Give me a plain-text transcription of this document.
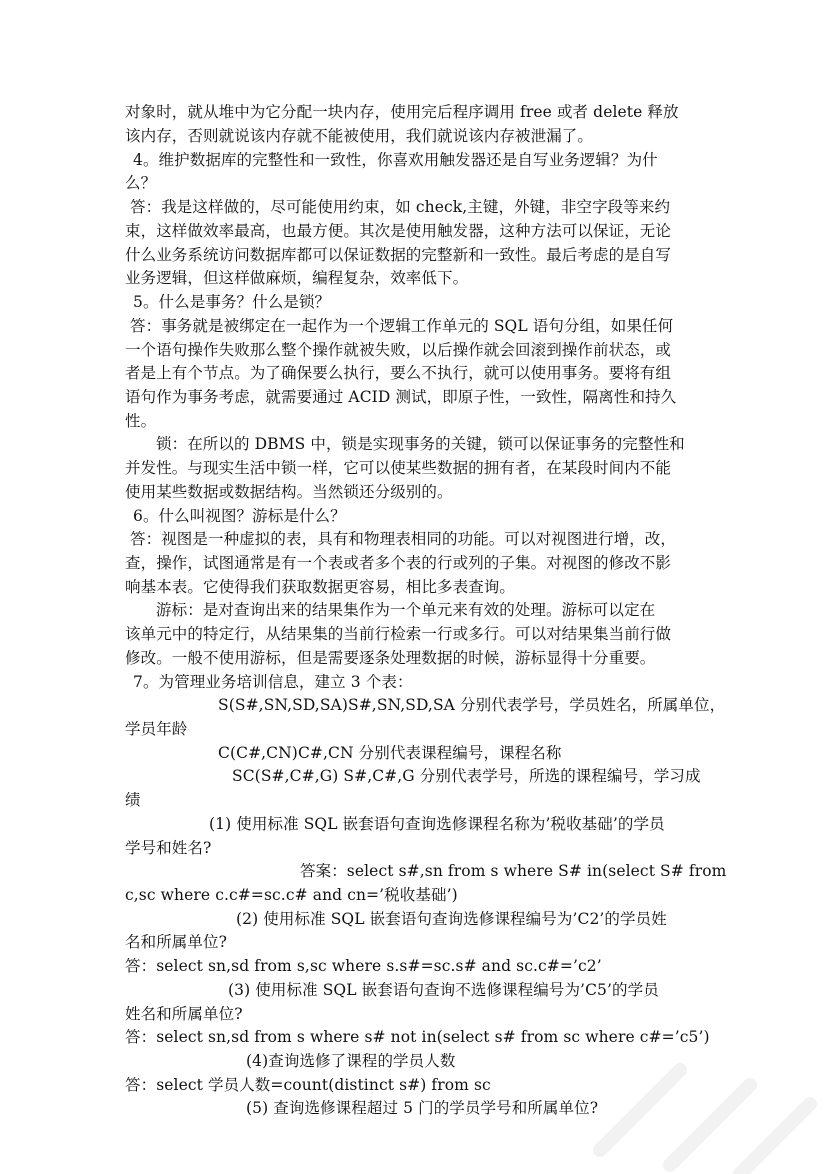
对象时，就从堆中为它分配一块内存，使用完后程序调用 free 或者 delete 释放
该内存，否则就说该内存就不能被使用，我们就说该内存被泄漏了。
4。维护数据库的完整性和一致性，你喜欢用触发器还是自写业务逻辑？为什
么？
答：我是这样做的，尽可能使用约束，如 check,主键，外键，非空字段等来约
束，这样做效率最高，也最方便。其次是使用触发器，这种方法可以保证，无论
什么业务系统访问数据库都可以保证数据的完整新和一致性。最后考虑的是自写
业务逻辑，但这样做麻烦，编程复杂，效率低下。
5。什么是事务？什么是锁？
答：事务就是被绑定在一起作为一个逻辑工作单元的 SQL 语句分组，如果任何
一个语句操作失败那么整个操作就被失败，以后操作就会回滚到操作前状态，或
者是上有个节点。为了确保要么执行，要么不执行，就可以使用事务。要将有组
语句作为事务考虑，就需要通过 ACID 测试，即原子性，一致性，隔离性和持久
性。
锁：在所以的 DBMS 中，锁是实现事务的关键，锁可以保证事务的完整性和
并发性。与现实生活中锁一样，它可以使某些数据的拥有者，在某段时间内不能
使用某些数据或数据结构。当然锁还分级别的。
6。什么叫视图？游标是什么？
答：视图是一种虚拟的表，具有和物理表相同的功能。可以对视图进行增，改，
查，操作，试图通常是有一个表或者多个表的行或列的子集。对视图的修改不影
响基本表。它使得我们获取数据更容易，相比多表查询。
游标：是对查询出来的结果集作为一个单元来有效的处理。游标可以定在
该单元中的特定行，从结果集的当前行检索一行或多行。可以对结果集当前行做
修改。一般不使用游标，但是需要逐条处理数据的时候，游标显得十分重要。
7。为管理业务培训信息，建立 3 个表：
S(S#,SN,SD,SA)S#,SN,SD,SA 分别代表学号，学员姓名，所属单位，
学员年龄
C(C#,CN)C#,CN 分别代表课程编号，课程名称
SC(S#,C#,G) S#,C#,G 分别代表学号，所选的课程编号，学习成
绩
(1) 使用标准 SQL 嵌套语句查询选修课程名称为’税收基础’的学员
学号和姓名?
答案：select s#,sn from s where S# in(select S# from
c,sc where c.c#=sc.c# and cn=’税收基础’)
(2) 使用标准 SQL 嵌套语句查询选修课程编号为’C2’的学员姓
名和所属单位?
答：select sn,sd from s,sc where s.s#=sc.s# and sc.c#=’c2’
(3) 使用标准 SQL 嵌套语句查询不选修课程编号为’C5’的学员
姓名和所属单位?
答：select sn,sd from s where s# not in(select s# from sc where c#=’c5’)
(4)查询选修了课程的学员人数
答：select 学员人数=count(distinct s#) from sc
(5) 查询选修课程超过 5 门的学员学号和所属单位?
